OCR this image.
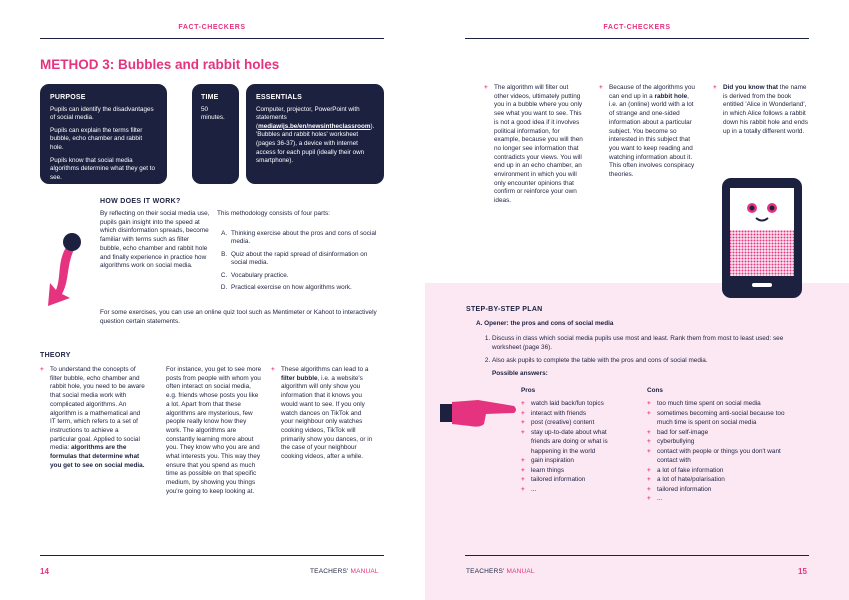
FACT-CHECKERS
METHOD 3: Bubbles and rabbit holes
PURPOSE

Pupils can identify the disadvantages of social media.

Pupils can explain the terms filter bubble, echo chamber and rabbit hole.

Pupils know that social media algorithms determine what they get to see.

TIME

50 minutes.

ESSENTIALS

Computer, projector, PowerPoint with statements (mediawijs.be/en/newsintheclassroom). 'Bubbles and rabbit holes' worksheet (pages 36-37), a device with internet access for each pupil (ideally their own smartphone).

HOW DOES IT WORK?

By reflecting on their social media use, pupils gain insight into the speed at which disinformation spreads, become familiar with terms such as filter bubble, echo chamber and rabbit hole and finally experience in practice how algorithms work on social media.

This methodology consists of four parts:

A. Thinking exercise about the pros and cons of social media.
B. Quiz about the rapid spread of disinformation on social media.
C. Vocabulary practice.
D. Practical exercise on how algorithms work.

For some exercises, you can use an online quiz tool such as Mentimeter or Kahoot to interactively question certain statements.

THEORY
+ To understand the concepts of filter bubble, echo chamber and rabbit hole, you need to be aware that social media work with complicated algorithms. An algorithm is a mathematical and IT term, which refers to a set of instructions to achieve a particular goal. Applied to social media: algorithms are the formulas that determine what you get to see on social media.

For instance, you get to see more posts from people with whom you often interact on social media, e.g. friends whose posts you like a lot. Apart from that these algorithms are mysterious, few people really know how they work. The algorithms are constantly learning more about you. They know who you are and what interests you. This way they ensure that you spend as much time as possible on that specific medium, by showing you things you're going to keep looking at.

+ These algorithms can lead to a filter bubble, i.e. a website's algorithm will only show you information that it knows you would want to see. If you only watch dances on TikTok and your neighbour only watches cooking videos, TikTok will primarily show you dances, or in the case of your neighbour cooking videos, after a while.
14	TEACHERS' MANUAL
FACT-CHECKERS
+ The algorithm will filter out other videos, ultimately putting you in a bubble where you only see what you want to see. This is not a good idea if it involves political information, for example, because you will then no longer see information that contradicts your views. You will end up in an echo chamber, an environment in which you will only encounter opinions that confirm or reinforce your own ideas.
+ Because of the algorithms you can end up in a rabbit hole, i.e. an (online) world with a lot of strange and one-sided information about a particular subject. You become so interested in this subject that you want to keep reading and watching information about it. This often involves conspiracy theories.
+ Did you know that the name is derived from the book entitled 'Alice in Wonderland', in which Alice follows a rabbit down his rabbit hole and ends up in a totally different world.
STEP-BY-STEP PLAN
A. Opener: the pros and cons of social media
1. Discuss in class which social media pupils use most and least. Rank them from most to least used: see worksheet (page 36).
2. Also ask pupils to complete the table with the pros and cons of social media.
Possible answers:
Pros
+ watch laid back/fun topics
+ interact with friends
+ post (creative) content
+ stay up-to-date about what friends are doing or what is happening in the world
+ gain inspiration
+ learn things
+ tailored information
+ ...
Cons
+ too much time spent on social media
+ sometimes becoming anti-social because too much time is spent on social media
+ bad for self-image
+ cyberbullying
+ contact with people or things you don't want contact with
+ a lot of fake information
+ a lot of hate/polarisation
+ tailored information
+ ...
TEACHERS' MANUAL	15
